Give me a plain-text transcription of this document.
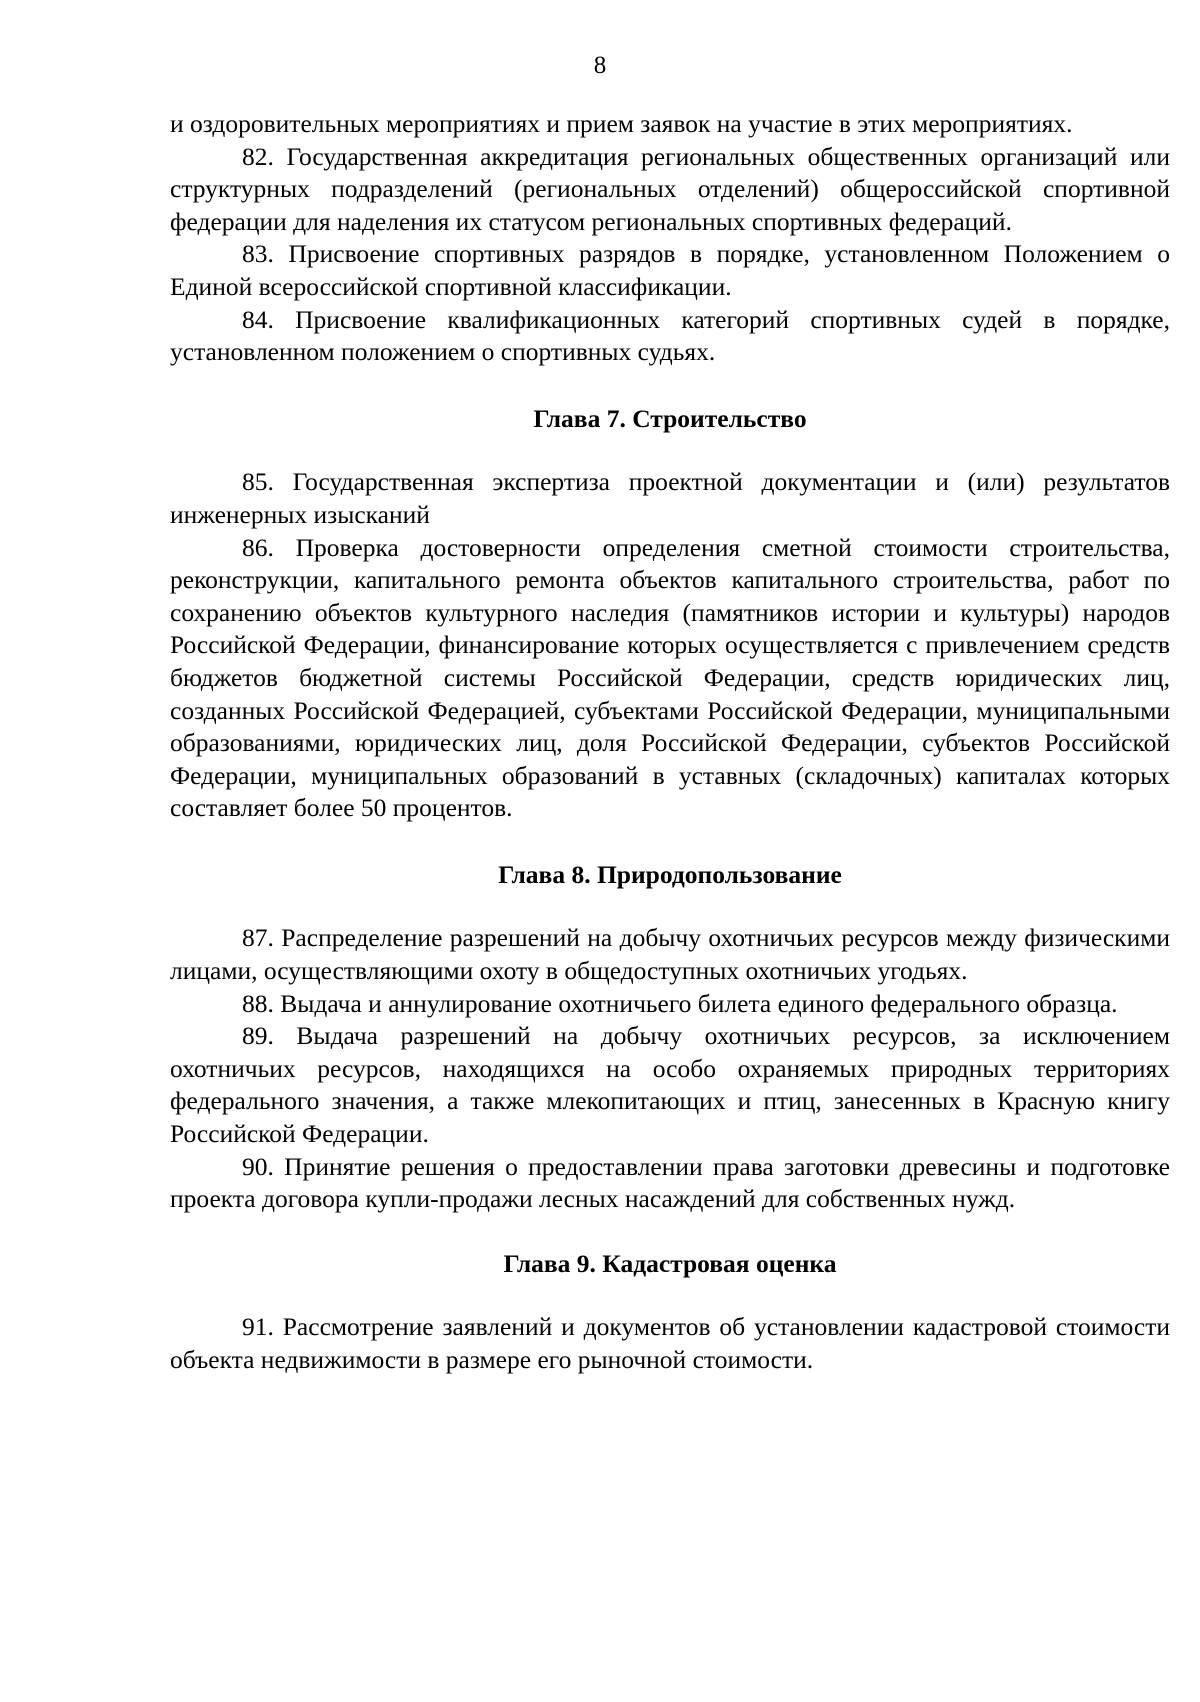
8

и оздоровительных мероприятиях и прием заявок на участие в этих мероприятиях.

82. Государственная аккредитация региональных общественных организаций или структурных подразделений (региональных отделений) общероссийской спортивной федерации для наделения их статусом региональных спортивных федераций.

83. Присвоение спортивных разрядов в порядке, установленном Положением о Единой всероссийской спортивной классификации.

84. Присвоение квалификационных категорий спортивных судей в порядке, установленном положением о спортивных судьях.

Глава 7. Строительство

85. Государственная экспертиза проектной документации и (или) результатов инженерных изысканий

86. Проверка достоверности определения сметной стоимости строительства, реконструкции, капитального ремонта объектов капитального строительства, работ по сохранению объектов культурного наследия (памятников истории и культуры) народов Российской Федерации, финансирование которых осуществляется с привлечением средств бюджетов бюджетной системы Российской Федерации, средств юридических лиц, созданных Российской Федерацией, субъектами Российской Федерации, муниципальными образованиями, юридических лиц, доля Российской Федерации, субъектов Российской Федерации, муниципальных образований в уставных (складочных) капиталах которых составляет более 50 процентов.

Глава 8. Природопользование

87. Распределение разрешений на добычу охотничьих ресурсов между физическими лицами, осуществляющими охоту в общедоступных охотничьих угодьях.

88. Выдача и аннулирование охотничьего билета единого федерального образца.

89. Выдача разрешений на добычу охотничьих ресурсов, за исключением охотничьих ресурсов, находящихся на особо охраняемых природных территориях федерального значения, а также млекопитающих и птиц, занесенных в Красную книгу Российской Федерации.

90. Принятие решения о предоставлении права заготовки древесины и подготовке проекта договора купли-продажи лесных насаждений для собственных нужд.

Глава 9. Кадастровая оценка

91. Рассмотрение заявлений и документов об установлении кадастровой стоимости объекта недвижимости в размере его рыночной стоимости.
